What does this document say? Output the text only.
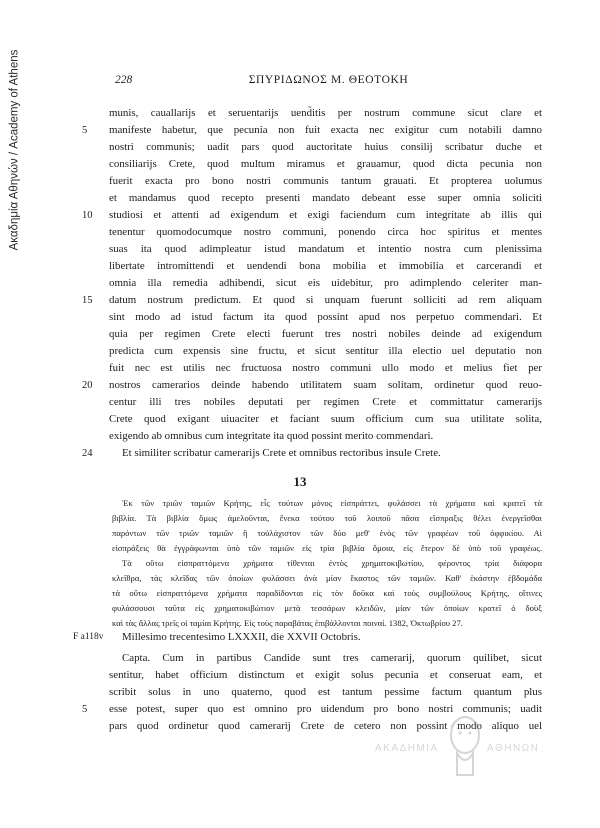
Ακαδημία Αθηνών / Academy of Athens	228	ΣΠΥΡΙΔΩΝΟΣ Μ. ΘΕΟΤΟΚΗ
munis, cauallarijs et seruentarijs uend̃itis per nostrum commune sicut clare et
manifeste habetur, que pecunia non fuit exacta nec exigitur cum notabili damno
nostri communis; uadit pars quod auctoritate huius consilij scribatur duche et
consiliarijs Crete, quod multum miramus et grauamur, quod dicta pecunia non
fuerit exacta pro bono nostri communis tantum grauati. Et propterea uolumus
et mandamus quod recepto presenti mandato debeant esse super omnia soliciti
studiosi et attenti ad exigendum et exigi faciendum cum integritate ab illis qui
tenentur quomodocumque nostro communi, ponendo circa hoc spiritus et mentes
suas ita quod adimpleatur istud mandatum et intentio nostra cum plenissima
libertate intromittendi et uendendi bona mobilia et immobilia et carcerandi et
omnia illa remedia adhibendi, sicut eis uidebitur, pro adimplendo celeriter man-
datum nostrum predictum. Et quod si unquam fuerunt solliciti ad rem aliquam
sint modo ad istud factum ita quod possint apud nos perpetuo commendari. Et
quia per regimen Crete electi fuerunt tres nostri nobiles deinde ad exigendum
predicta cum expensis sine fructu, et sicut sentitur illa electio uel deputatio non
fuit nec est utilis nec fructuosa nostro communi ullo modo et melius fiet per
nostros camerarios deinde habendo utilitatem suam solitam, ordinetur quod reuo-
centur illi tres nobiles deputati per regimen Crete et committatur camerarijs
Crete quod exigant uiuaciter et faciant suum officium cum sua utilitate solita,
exigendo ab omnibus cum integritate ita quod possint merito commendari.
Et similiter scribatur camerarijs Crete et omnibus rectoribus insule Crete.
5
10
15
20
24
13
Ἐκ τῶν τριῶν ταμιῶν Κρήτης, εἷς τούτων μόνος εἰσπράττει, φυλάσσει τὰ χρήματα καὶ κρατεῖ τὰ
βιβλία. Τὰ βιβλία ὅμως ἀμελοῦνται, ἕνεκα τούτου τοῦ λοιποῦ πᾶσα εἴσπραξις θέλει ἐνεργεῖσθαι
παρόντων τῶν τριῶν ταμιῶν ἢ τοὐλάχιστον τῶν δύο μεθ' ἑνὸς τῶν γραφέων τοῦ ὀφφικίου. Αἱ
εἰσπράξεις θὰ ἐγγράφωνται ὑπὸ τῶν ταμιῶν εἰς τρία βιβλία ὅμοια, εἰς ἕτερον δὲ ὑπὸ τοῦ γραφέως.
Τὰ οὕτω εἰσπραττόμενα χρήματα τίθενται ἐντὸς χρηματοκιβωτίου, φέροντος τρία διάφορα
κλεῖθρα, τὰς κλεῖδας τῶν ὁποίων φυλάσσει ἀνὰ μίαν ἕκαστος τῶν ταμιῶν. Καθ' ἑκάστην ἑβδομάδα
τὰ οὕτω εἰσπραττόμενα χρήματα παραδίδονται εἰς τὸν δοῦκα καὶ τοὺς συμβούλους Κρήτης, οἵτινες
φυλάσσουσι ταῦτα εἰς χρηματοκιβώτιον μετὰ τεσσάρων κλειδῶν, μίαν τῶν ὁποίων κρατεῖ ὁ δοὺξ
καὶ τὰς ἄλλας τρεῖς οἱ ταμίαι Κρήτης. Εἰς τοὺς παραβάτας ἐπιβάλλονται ποιναί. 1382, Ὀκτωβρίου 27.
F a118v Millesimo trecentesimo LXXXII, die XXVII Octobris.
Capta. Cum in partibus Candide sunt tres camerarij, quorum quilibet, sicut
sentitur, habet officium distinctum et exigit solus pecunia et conseruat eam, et
scribit solus in uno quaterno, quod est tantum pessime factum quantum plus
esse potest, super quo est omnino pro uidendum pro bono nostri communis; uadit
pars quod ordinetur quod camerarij Crete de cetero non possint modo aliquo uel
5
ΑΚΑΔΗΜΙΑ	ΑΘΗΝΩΝ
